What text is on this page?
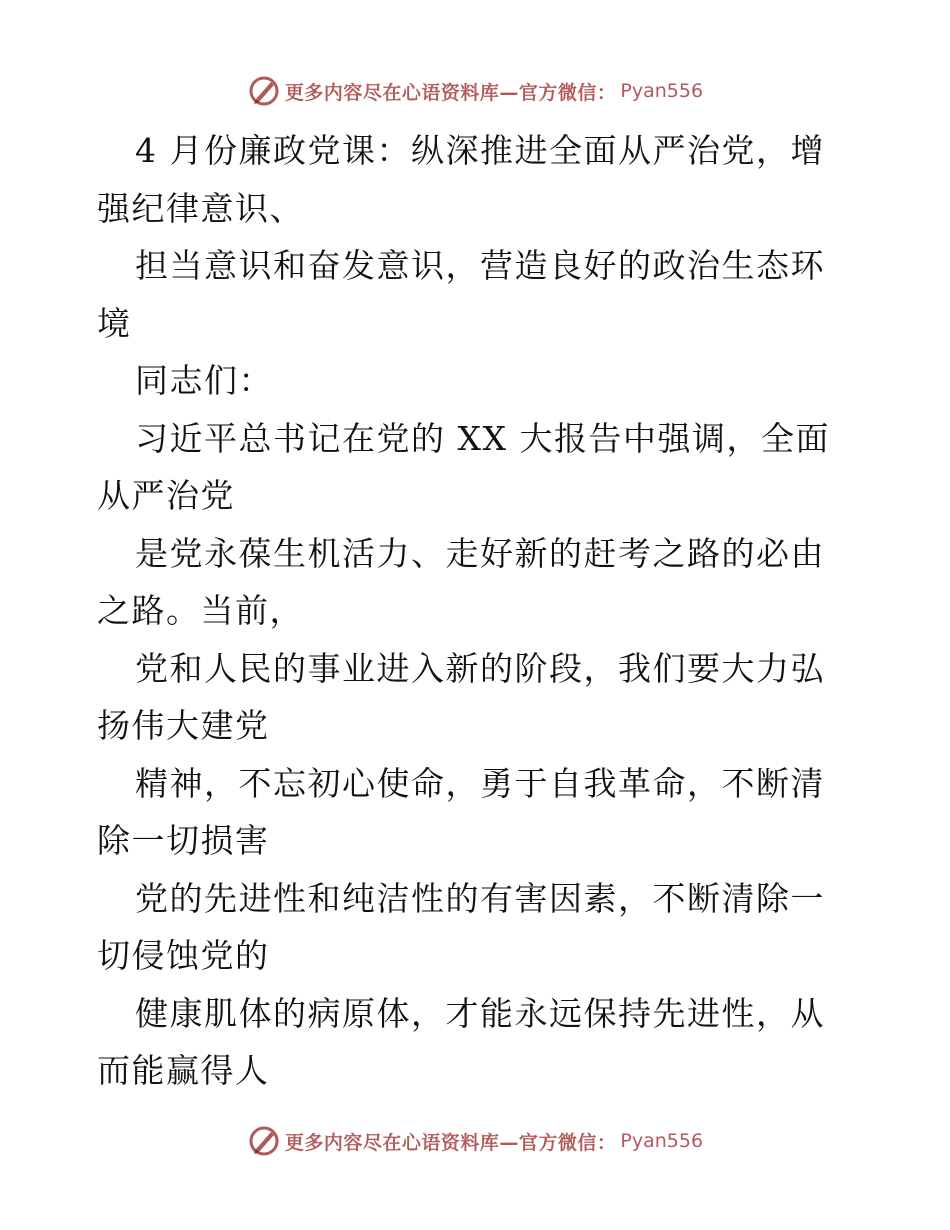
更多内容尽在心语资料库—官方微信： Pyan556

4 月份廉政党课：纵深推进全面从严治党，增强纪律意识、

担当意识和奋发意识，营造良好的政治生态环境

同志们：

习近平总书记在党的 XX 大报告中强调，全面从严治党

是党永葆生机活力、走好新的赶考之路的必由之路。当前，

党和人民的事业进入新的阶段，我们要大力弘扬伟大建党

精神，不忘初心使命，勇于自我革命，不断清除一切损害

党的先进性和纯洁性的有害因素，不断清除一切侵蚀党的

健康肌体的病原体，才能永远保持先进性，从而能赢得人

更多内容尽在心语资料库—官方微信： Pyan556
